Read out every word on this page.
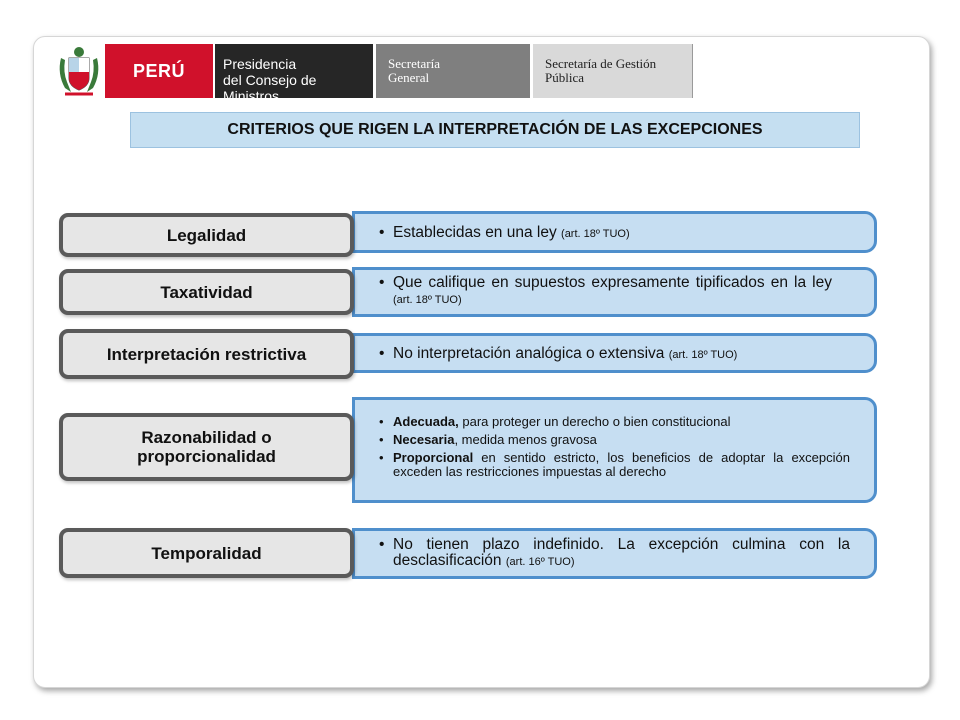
PERÚ	Presidencia
del Consejo de Ministros
Secretaría
General
Secretaría de Gestión
Pública
CRITERIOS QUE RIGEN LA INTERPRETACIÓN DE LAS EXCEPCIONES
• Establecidas en una ley (art. 18º TUO)
Legalidad
• Que califique en supuestos expresamente tipificados en la ley (art. 18º TUO)
Taxatividad
• No interpretación analógica o extensiva (art. 18º TUO)
Interpretación restrictiva
• Adecuada, para proteger un derecho o bien constitucional
• Necesaria, medida menos gravosa
• Proporcional en sentido estricto, los beneficios de adoptar la excepción exceden las restricciones impuestas al derecho
Razonabilidad o
proporcionalidad
• No tienen plazo indefinido. La excepción culmina con la desclasificación (art. 16º TUO)
Temporalidad
